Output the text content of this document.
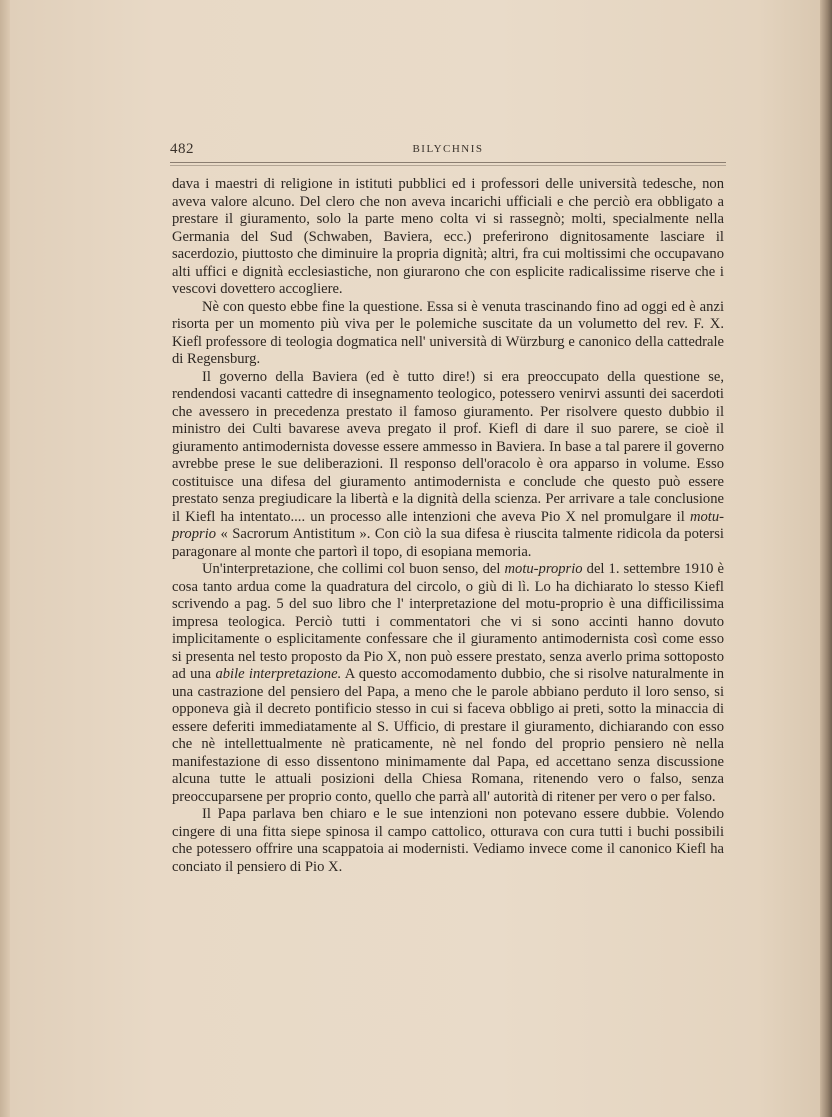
482	BILYCHNIS

dava i maestri di religione in istituti pubblici ed i professori delle università tedesche, non aveva valore alcuno. Del clero che non aveva incarichi ufficiali e che perciò era obbligato a prestare il giuramento, solo la parte meno colta vi si rassegnò; molti, specialmente nella Germania del Sud (Schwaben, Baviera, ecc.) preferirono dignitosamente lasciare il sacerdozio, piuttosto che diminuire la propria dignità; altri, fra cui moltissimi che occupavano alti uffici e dignità ecclesiastiche, non giurarono che con esplicite radicalissime riserve che i vescovi dovettero accogliere.

Nè con questo ebbe fine la questione. Essa si è venuta trascinando fino ad oggi ed è anzi risorta per un momento più viva per le polemiche suscitate da un volumetto del rev. F. X. Kiefl professore di teologia dogmatica nell' università di Würzburg e canonico della cattedrale di Regensburg.

Il governo della Baviera (ed è tutto dire!) si era preoccupato della questione se, rendendosi vacanti cattedre di insegnamento teologico, potessero venirvi assunti dei sacerdoti che avessero in precedenza prestato il famoso giuramento. Per risolvere questo dubbio il ministro dei Culti bavarese aveva pregato il prof. Kiefl di dare il suo parere, se cioè il giuramento antimodernista dovesse essere ammesso in Baviera. In base a tal parere il governo avrebbe prese le sue deliberazioni. Il responso dell'oracolo è ora apparso in volume. Esso costituisce una difesa del giuramento antimodernista e conclude che questo può essere prestato senza pregiudicare la libertà e la dignità della scienza. Per arrivare a tale conclusione il Kiefl ha intentato.... un processo alle intenzioni che aveva Pio X nel promulgare il motu-proprio « Sacrorum Antistitum ». Con ciò la sua difesa è riuscita talmente ridicola da potersi paragonare al monte che partorì il topo, di esopiana memoria.

Un'interpretazione, che collimi col buon senso, del motu-proprio del 1. settembre 1910 è cosa tanto ardua come la quadratura del circolo, o giù di lì. Lo ha dichiarato lo stesso Kiefl scrivendo a pag. 5 del suo libro che l' interpretazione del motu-proprio è una difficilissima impresa teologica. Perciò tutti i commentatori che vi si sono accinti hanno dovuto implicitamente o esplicitamente confessare che il giuramento antimodernista così come esso si presenta nel testo proposto da Pio X, non può essere prestato, senza averlo prima sottoposto ad una abile interpretazione. A questo accomodamento dubbio, che si risolve naturalmente in una castrazione del pensiero del Papa, a meno che le parole abbiano perduto il loro senso, si opponeva già il decreto pontificio stesso in cui si faceva obbligo ai preti, sotto la minaccia di essere deferiti immediatamente al S. Ufficio, di prestare il giuramento, dichiarando con esso che nè intellettualmente nè praticamente, nè nel fondo del proprio pensiero nè nella manifestazione di esso dissentono minimamente dal Papa, ed accettano senza discussione alcuna tutte le attuali posizioni della Chiesa Romana, ritenendo vero o falso, senza preoccuparsene per proprio conto, quello che parrà all' autorità di ritener per vero o per falso.

Il Papa parlava ben chiaro e le sue intenzioni non potevano essere dubbie. Volendo cingere di una fitta siepe spinosa il campo cattolico, otturava con cura tutti i buchi possibili che potessero offrire una scappatoia ai modernisti. Vediamo invece come il canonico Kiefl ha conciato il pensiero di Pio X.
